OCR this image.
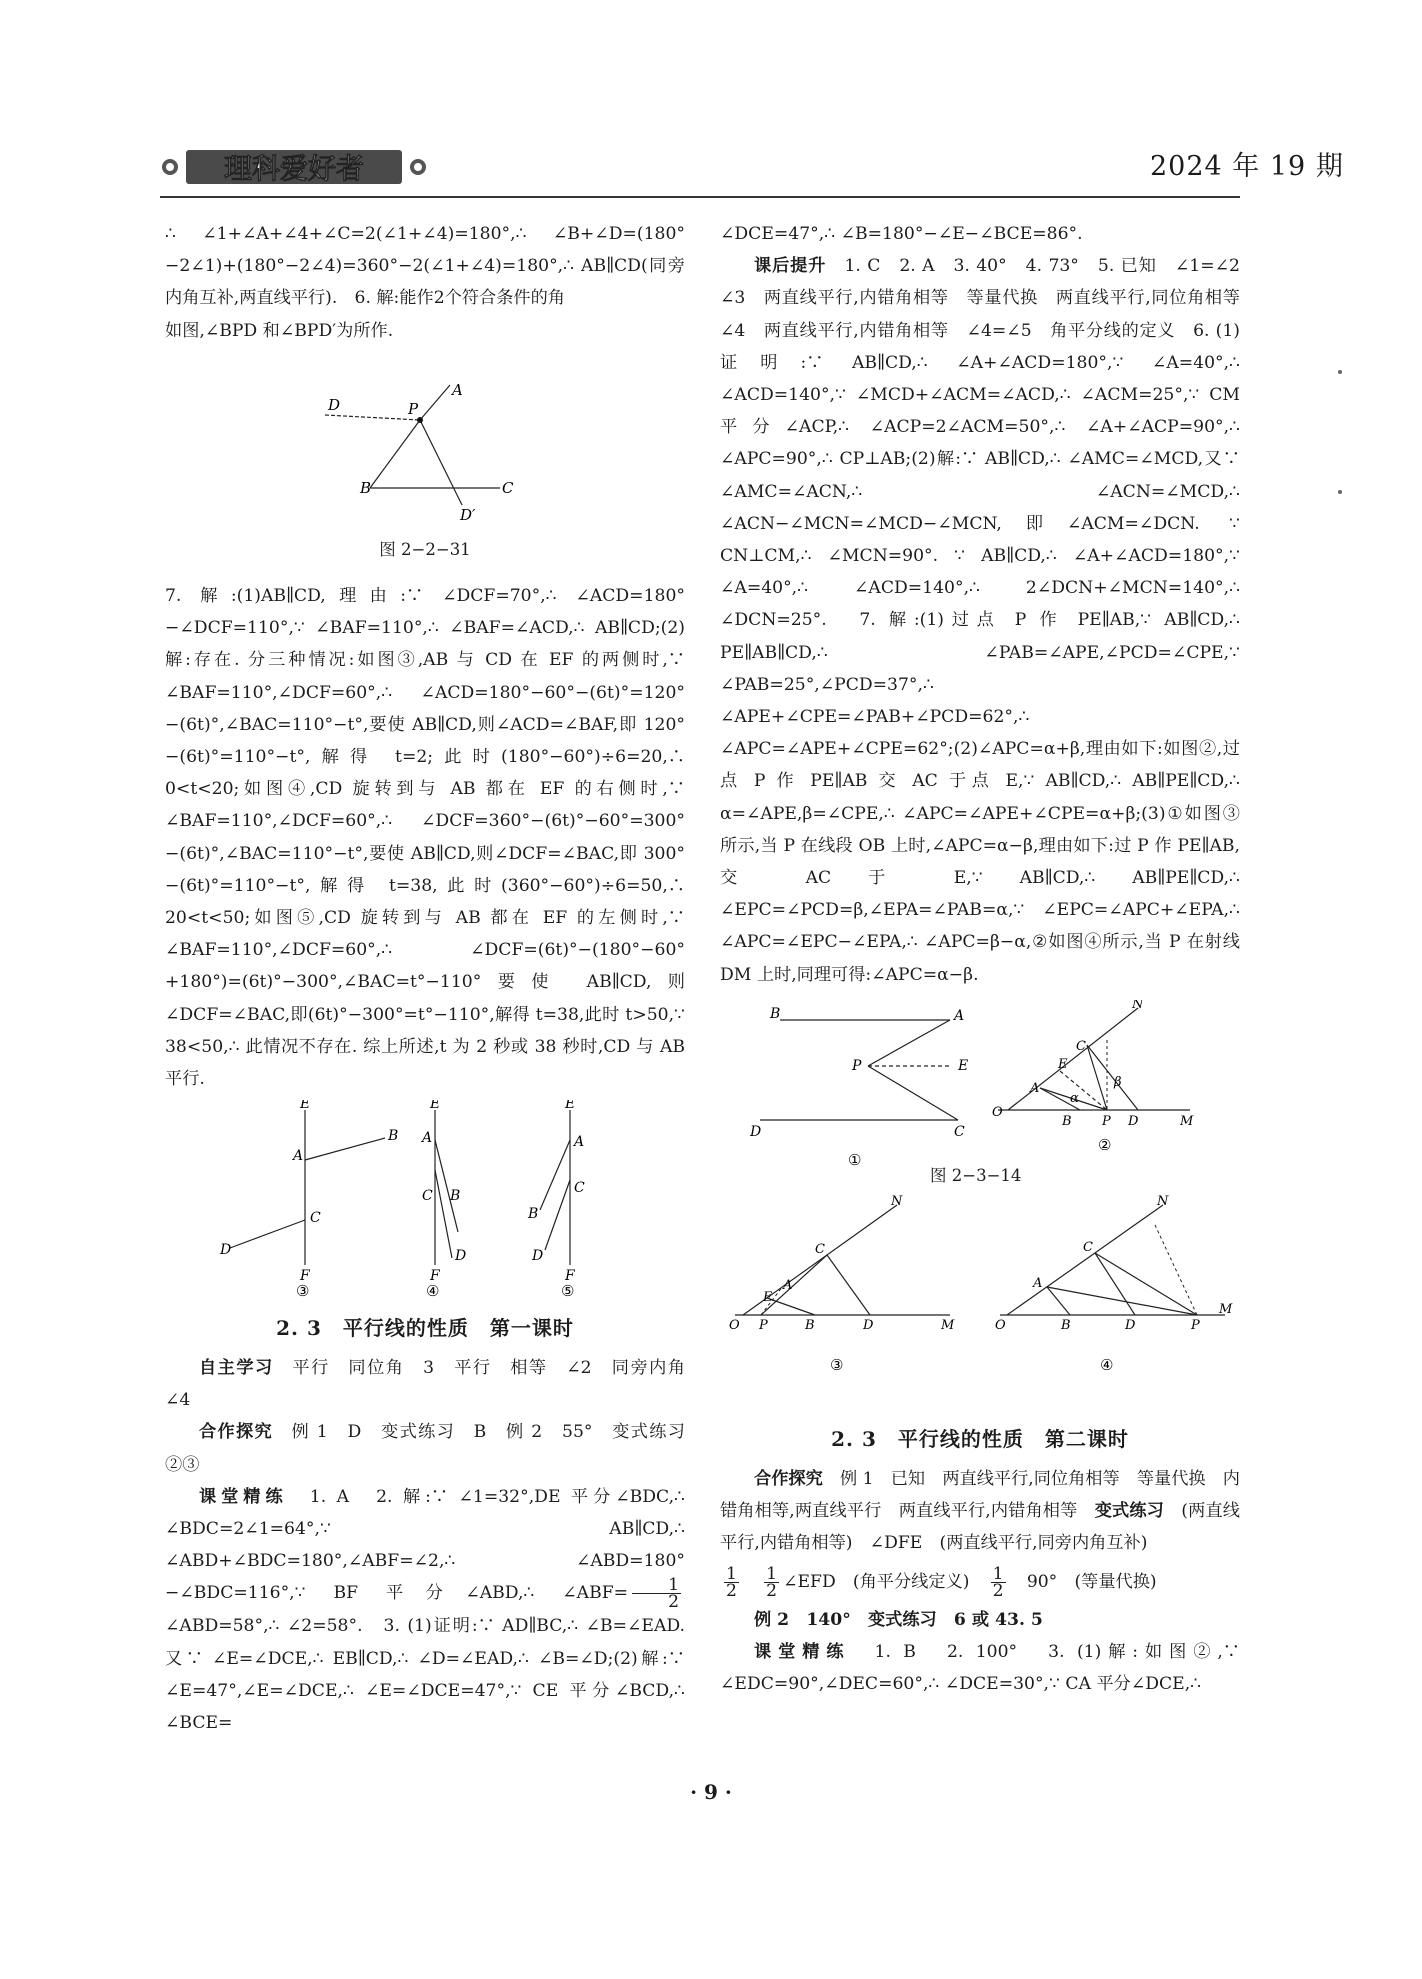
理科爱好者	2024 年 19 期

∴ ∠1+∠A+∠4+∠C=2(∠1+∠4)=180°,∴ ∠B+∠D=(180°−2∠1)+(180°−2∠4)=360°−2(∠1+∠4)=180°,∴ AB∥CD(同旁内角互补,两直线平行).　6. 解:能作2个符合条件的角

如图,∠BPD 和∠BPD′为所作.

D	P
A
B	C
D′
图 2−2−31

7. 解:(1)AB∥CD,理由:∵ ∠DCF=70°,∴ ∠ACD=180°−∠DCF=110°,∵ ∠BAF=110°,∴ ∠BAF=∠ACD,∴ AB∥CD;(2)解:存在. 分三种情况:如图③,AB 与 CD 在 EF 的两侧时,∵ ∠BAF=110°,∠DCF=60°,∴ ∠ACD=180°−60°−(6t)°=120°−(6t)°,∠BAC=110°−t°,要使 AB∥CD,则∠ACD=∠BAF,即 120°−(6t)°=110°−t°,解得 t=2;此时(180°−60°)÷6=20,∴ 0<t<20;如图④,CD 旋转到与 AB 都在 EF 的右侧时,∵ ∠BAF=110°,∠DCF=60°,∴ ∠DCF=360°−(6t)°−60°=300°−(6t)°,∠BAC=110°−t°,要使 AB∥CD,则∠DCF=∠BAC,即 300°−(6t)°=110°−t°,解得 t=38,此时(360°−60°)÷6=50,∴ 20<t<50;如图⑤,CD 旋转到与 AB 都在 EF 的左侧时,∵ ∠BAF=110°,∠DCF=60°,∴ ∠DCF=(6t)°−(180°−60°+180°)=(6t)°−300°,∠BAC=t°−110°要使 AB∥CD,则∠DCF=∠BAC,即(6t)°−300°=t°−110°,解得 t=38,此时 t>50,∵ 38<50,∴ 此情况不存在. 综上所述,t 为 2 秒或 38 秒时,CD 与 AB 平行.

E
B
A
C
D
F
③
E
A
C B
D
F
④
E
A
C
B
D
F
⑤
2. 3　平行线的性质　第一课时

自主学习　 平行　同位角　3　平行　相等　∠2　同旁内角　∠4

合作探究　 例 1　D　变式练习　B　例 2　55°　变式练习　②③

课堂精练　 1. A　2. 解:∵ ∠1=32°,DE 平分∠BDC,∴ ∠BDC=2∠1=64°,∵ AB∥CD,∴ ∠ABD+∠BDC=180°,∠ABF=∠2,∴ ∠ABD=180°−∠BDC=116°,∵ BF 平分∠ABD,∴ ∠ABF= $\frac{1}{2}$
∠ABD=58°,∴ ∠2=58°.　3. (1)证明:∵ AD∥BC,∴ ∠B=∠EAD. 又∵ ∠E=∠DCE,∴ EB∥CD,∴ ∠D=∠EAD,∴ ∠B=∠D;(2)解:∵ ∠E=47°,∠E=∠DCE,∴ ∠E=∠DCE=47°,∵ CE 平分∠BCD,∴ ∠BCE=

∠DCE=47°,∴ ∠B=180°−∠E−∠BCE=86°.

课后提升　 1. C　2. A　3. 40°　4. 73°　5. 已知　∠1=∠2　∠3　两直线平行,内错角相等　等量代换　两直线平行,同位角相等　∠4　两直线平行,内错角相等　∠4=∠5　角平分线的定义　6. (1)证明:∵ AB∥CD,∴ ∠A+∠ACD=180°,∵ ∠A=40°,∴ ∠ACD=140°,∵ ∠MCD+∠ACM=∠ACD,∴ ∠ACM=25°,∵ CM 平分∠ACP,∴ ∠ACP=2∠ACM=50°,∴ ∠A+∠ACP=90°,∴ ∠APC=90°,∴ CP⊥AB;(2)解:∵ AB∥CD,∴ ∠AMC=∠MCD,又∵ ∠AMC=∠ACN,∴ ∠ACN=∠MCD,∴ ∠ACN−∠MCN=∠MCD−∠MCN,即∠ACM=∠DCN. ∵ CN⊥CM,∴ ∠MCN=90°. ∵ AB∥CD,∴ ∠A+∠ACD=180°,∵ ∠A=40°,∴ ∠ACD=140°,∴ 2∠DCN+∠MCN=140°,∴ ∠DCN=25°.　7. 解:(1)过点 P 作 PE∥AB,∵ AB∥CD,∴ PE∥AB∥CD,∴ ∠PAB=∠APE,∠PCD=∠CPE,∵ ∠PAB=25°,∠PCD=37°,∴ ∠APE+∠CPE=∠PAB+∠PCD=62°,∴ ∠APC=∠APE+∠CPE=62°;(2)∠APC=α+β,理由如下:如图②,过点 P 作 PE∥AB 交 AC 于点 E,∵ AB∥CD,∴ AB∥PE∥CD,∴ α=∠APE,β=∠CPE,∴ ∠APC=∠APE+∠CPE=α+β;(3)①如图③所示,当 P 在线段 OB 上时,∠APC=α−β,理由如下:过 P 作 PE∥AB,交 AC 于 E,∵ AB∥CD,∴ AB∥PE∥CD,∴ ∠EPC=∠PCD=β,∠EPA=∠PAB=α,∵ ∠EPC=∠APC+∠EPA,∴ ∠APC=∠EPC−∠EPA,∴ ∠APC=β−α,②如图④所示,当 P 在射线 DM 上时,同理可得:∠APC=α−β.

B	A
P	E
D	C
①
N
C
E
A	β
α
O
B P D	M
②
图 2−3−14
N
C
A
E
O P	B	D	M
③
N
C
A
O	B	D	P
M
④
2. 3　平行线的性质　第二课时

合作探究　 例 1　已知　两直线平行,同位角相等　等量代换　内错角相等,两直线平行　两直线平行,内错角相等　 变式练习　 (两直线平行,内错角相等)　∠DFE　(两直线平行,同旁内角互补)

$\frac{1}{2}$
　 $\frac{1}{2}$ ∠EFD　(角平分线定义)　 $\frac{1}{2}$
　 90°　(等量代换)

例 2　140°　变式练习　6 或 43. 5

课堂精练　 1. B　2. 100°　3. (1)解:如图②,∵ ∠EDC=90°,∠DEC=60°,∴ ∠DCE=30°,∵ CA 平分∠DCE,∴

· 9 ·
